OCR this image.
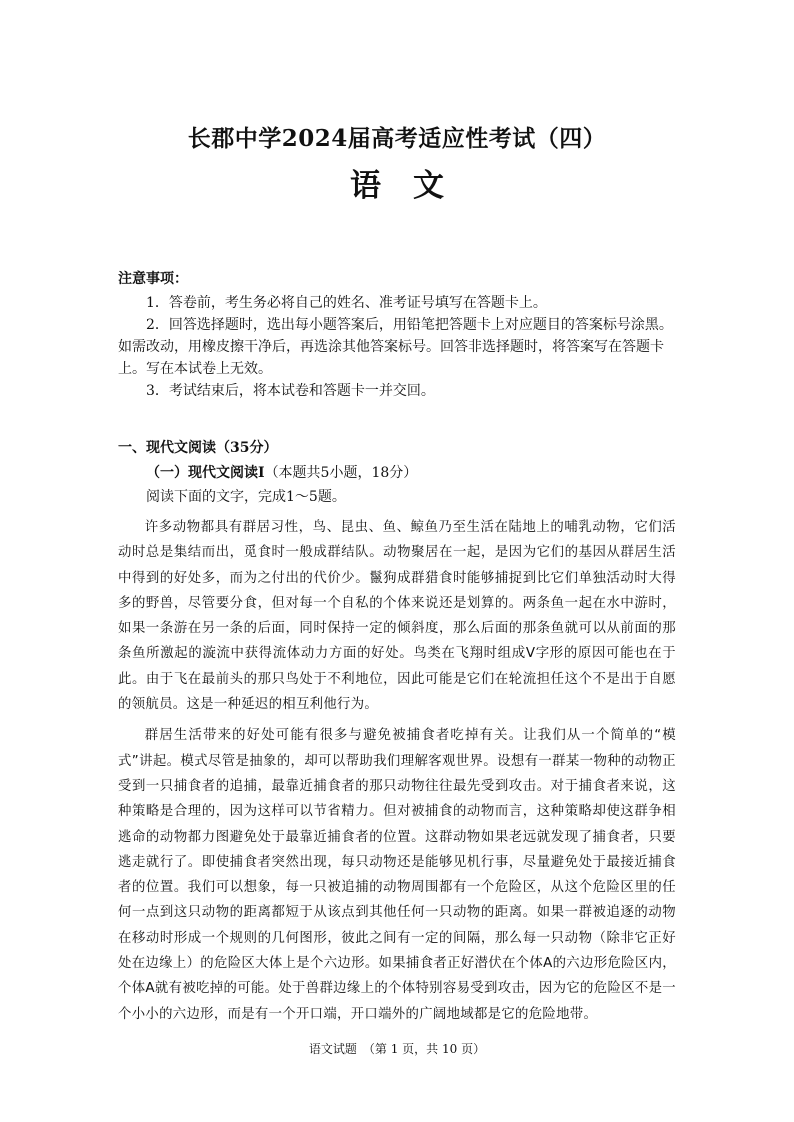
长郡中学2024届高考适应性考试（四）
语文

注意事项：

1．答卷前，考生务必将自己的姓名、准考证号填写在答题卡上。

2．回答选择题时，选出每小题答案后，用铅笔把答题卡上对应题目的答案标号涂黑。如需改动，用橡皮擦干净后，再选涂其他答案标号。回答非选择题时，将答案写在答题卡上。写在本试卷上无效。

3．考试结束后，将本试卷和答题卡一并交回。

一、现代文阅读（35分）

（一）现代文阅读Ⅰ（本题共5小题，18分）

阅读下面的文字，完成1～5题。

许多动物都具有群居习性，鸟、昆虫、鱼、鲸鱼乃至生活在陆地上的哺乳动物，它们活动时总是集结而出，觅食时一般成群结队。动物聚居在一起，是因为它们的基因从群居生活中得到的好处多，而为之付出的代价少。鬣狗成群猎食时能够捕捉到比它们单独活动时大得多的野兽，尽管要分食，但对每一个自私的个体来说还是划算的。两条鱼一起在水中游时，如果一条游在另一条的后面，同时保持一定的倾斜度，那么后面的那条鱼就可以从前面的那条鱼所激起的漩流中获得流体动力方面的好处。鸟类在飞翔时组成V字形的原因可能也在于此。由于飞在最前头的那只鸟处于不利地位，因此可能是它们在轮流担任这个不是出于自愿的领航员。这是一种延迟的相互利他行为。

群居生活带来的好处可能有很多与避免被捕食者吃掉有关。让我们从一个简单的“模式”讲起。模式尽管是抽象的，却可以帮助我们理解客观世界。设想有一群某一物种的动物正受到一只捕食者的追捕，最靠近捕食者的那只动物往往最先受到攻击。对于捕食者来说，这种策略是合理的，因为这样可以节省精力。但对被捕食的动物而言，这种策略却使这群争相逃命的动物都力图避免处于最靠近捕食者的位置。这群动物如果老远就发现了捕食者，只要逃走就行了。即使捕食者突然出现，每只动物还是能够见机行事，尽量避免处于最接近捕食者的位置。我们可以想象，每一只被追捕的动物周围都有一个危险区，从这个危险区里的任何一点到这只动物的距离都短于从该点到其他任何一只动物的距离。如果一群被追逐的动物在移动时形成一个规则的几何图形，彼此之间有一定的间隔，那么每一只动物（除非它正好处在边缘上）的危险区大体上是个六边形。如果捕食者正好潜伏在个体A的六边形危险区内，个体A就有被吃掉的可能。处于兽群边缘上的个体特别容易受到攻击，因为它的危险区不是一个小小的六边形，而是有一个开口端，开口端外的广阔地域都是它的危险地带。

语文试题　（第 1 页，共 10 页）
